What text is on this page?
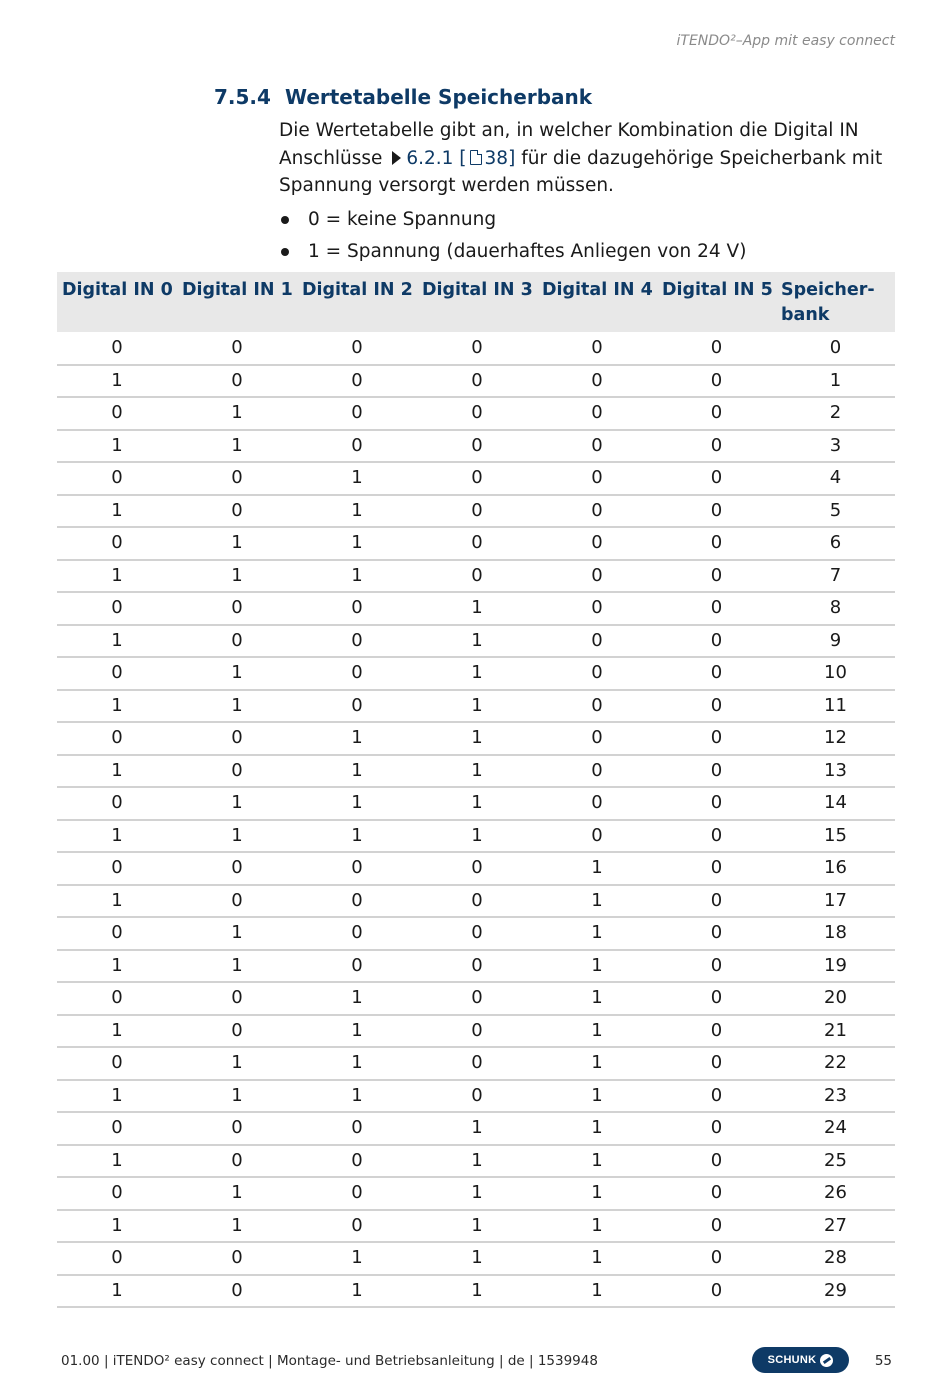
iTENDO²–App mit easy connect
7.5.4 Wertetabelle Speicherbank

Die Wertetabelle gibt an, in welcher Kombination die Digital IN Anschlüsse 6.2.1 [ 38] für die dazugehörige Speicherbank mit Spannung versorgt werden müssen.

0 = keine Spannung
1 = Spannung (dauerhaftes Anliegen von 24 V)
Digital IN 0	Digital IN 1	Digital IN 2	Digital IN 3	Digital IN 4	Digital IN 5	Speicher-
bank
0	0	0	0	0	0	0
1	0	0	0	0	0	1
0	1	0	0	0	0	2
1	1	0	0	0	0	3
0	0	1	0	0	0	4
1	0	1	0	0	0	5
0	1	1	0	0	0	6
1	1	1	0	0	0	7
0	0	0	1	0	0	8
1	0	0	1	0	0	9
0	1	0	1	0	0	10
1	1	0	1	0	0	11
0	0	1	1	0	0	12
1	0	1	1	0	0	13
0	1	1	1	0	0	14
1	1	1	1	0	0	15
0	0	0	0	1	0	16
1	0	0	0	1	0	17
0	1	0	0	1	0	18
1	1	0	0	1	0	19
0	0	1	0	1	0	20
1	0	1	0	1	0	21
0	1	1	0	1	0	22
1	1	1	0	1	0	23
0	0	0	1	1	0	24
1	0	0	1	1	0	25
0	1	0	1	1	0	26
1	1	0	1	1	0	27
0	0	1	1	1	0	28
1	0	1	1	1	0	29
01.00 | iTENDO² easy connect | Montage- und Betriebsanleitung | de | 1539948	SCHUNK	55
